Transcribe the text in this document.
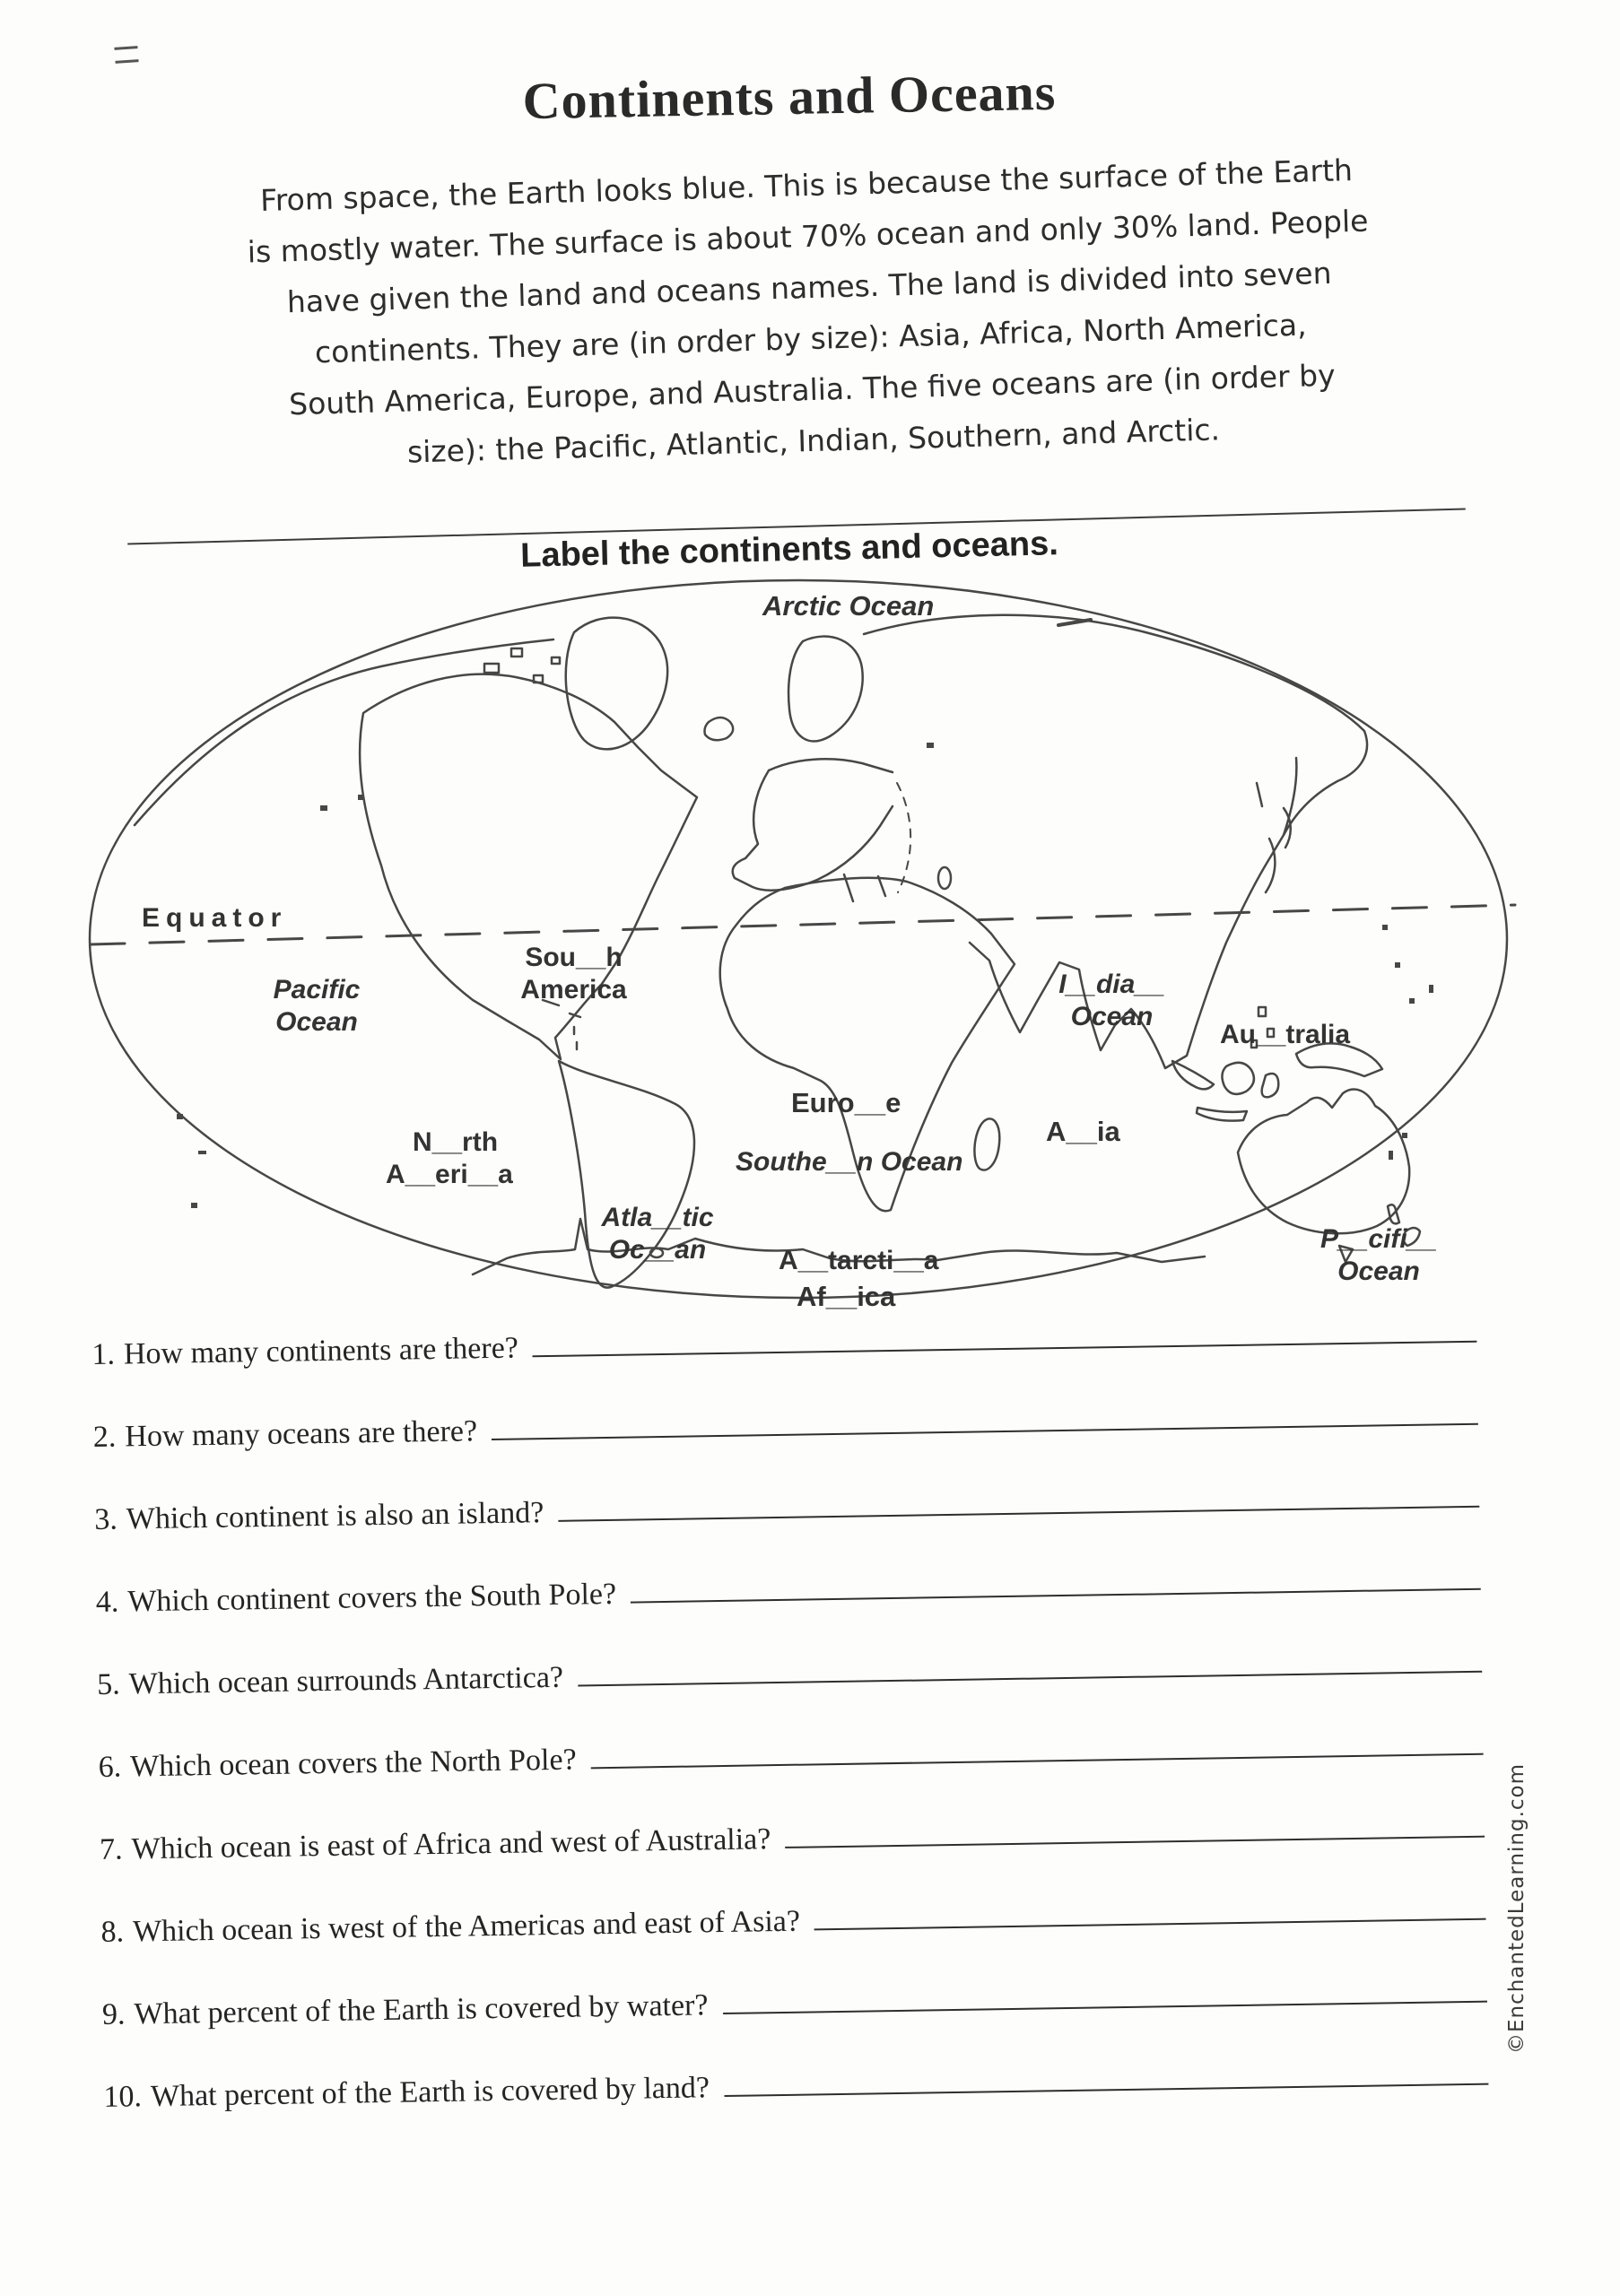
Continents and Oceans
From space, the Earth looks blue. This is because the surface of the Earth
is mostly water. The surface is about 70% ocean and only 30% land. People
have given the land and oceans names. The land is divided into seven
continents. They are (in order by size): Asia, Africa, North America,
South America, Europe, and Australia. The five oceans are (in order by
size): the Pacific, Atlantic, Indian, Southern, and Arctic.
Label the continents and oceans.
Arctic Ocean
Euro__e
A__ia
N__rth
A__eri__a
Atla__tic
Oc__an	P__cifi__
Ocean
Af__ica
Equator
Pacific
Ocean
Sou__h
America	I__dia__
Ocean
Au__tralia
Southe__n Ocean
A__tarcti__a
1. How many continents are there?
2. How many oceans are there?
3. Which continent is also an island?
4. Which continent covers the South Pole?
5. Which ocean surrounds Antarctica?
6. Which ocean covers the North Pole?
7. Which ocean is east of Africa and west of Australia?
8. Which ocean is west of the Americas and east of Asia?
9. What percent of the Earth is covered by water?
10. What percent of the Earth is covered by land?
©EnchantedLearning.com
